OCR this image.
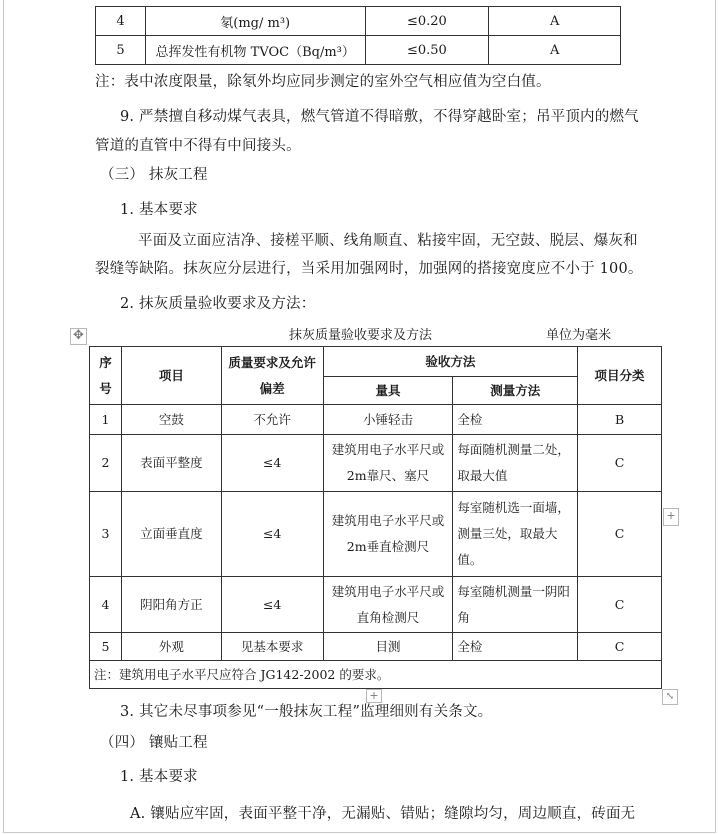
4	氡(mg/ m³)	≤0.20	A
5	总挥发性有机物 TVOC（Bq/m³）	≤0.50	A
注：表中浓度限量，除氡外均应同步测定的室外空气相应值为空白值。
9. 严禁擅自移动煤气表具，燃气管道不得暗敷，不得穿越卧室；吊平顶内的燃气
管道的直管中不得有中间接头。
（三） 抹灰工程
1. 基本要求
平面及立面应洁净、接槎平顺、线角顺直、粘接牢固，无空鼓、脱层、爆灰和
裂缝等缺陷。抹灰应分层进行，当采用加强网时，加强网的搭接宽度应不小于 100。
2. 抹灰质量验收要求及方法：
✥	抹灰质量验收要求及方法	单位为毫米
序号	项目	质量要求及允许偏差	验收方法		项目分类
			量具	测量方法	
1	空鼓	不允许	小锤轻击	全检	B
2	表面平整度	≤4	建筑用电子水平尺或2m靠尺、塞尺	每面随机测量二处，取最大值	C
3	立面垂直度	≤4	建筑用电子水平尺或2m垂直检测尺	每室随机选一面墙，测量三处，取最大值。	C
4	阴阳角方正	≤4	建筑用电子水平尺或直角检测尺	每室随机测量一阴阳角	C
5	外观	见基本要求	目测	全检	C
注：建筑用电子水平尺应符合 JG142-2002 的要求。					
+
+	⤡
3. 其它未尽事项参见“一般抹灰工程”监理细则有关条文。
（四） 镶贴工程
1. 基本要求
A. 镶贴应牢固，表面平整干净，无漏贴、错贴；缝隙均匀，周边顺直，砖面无
